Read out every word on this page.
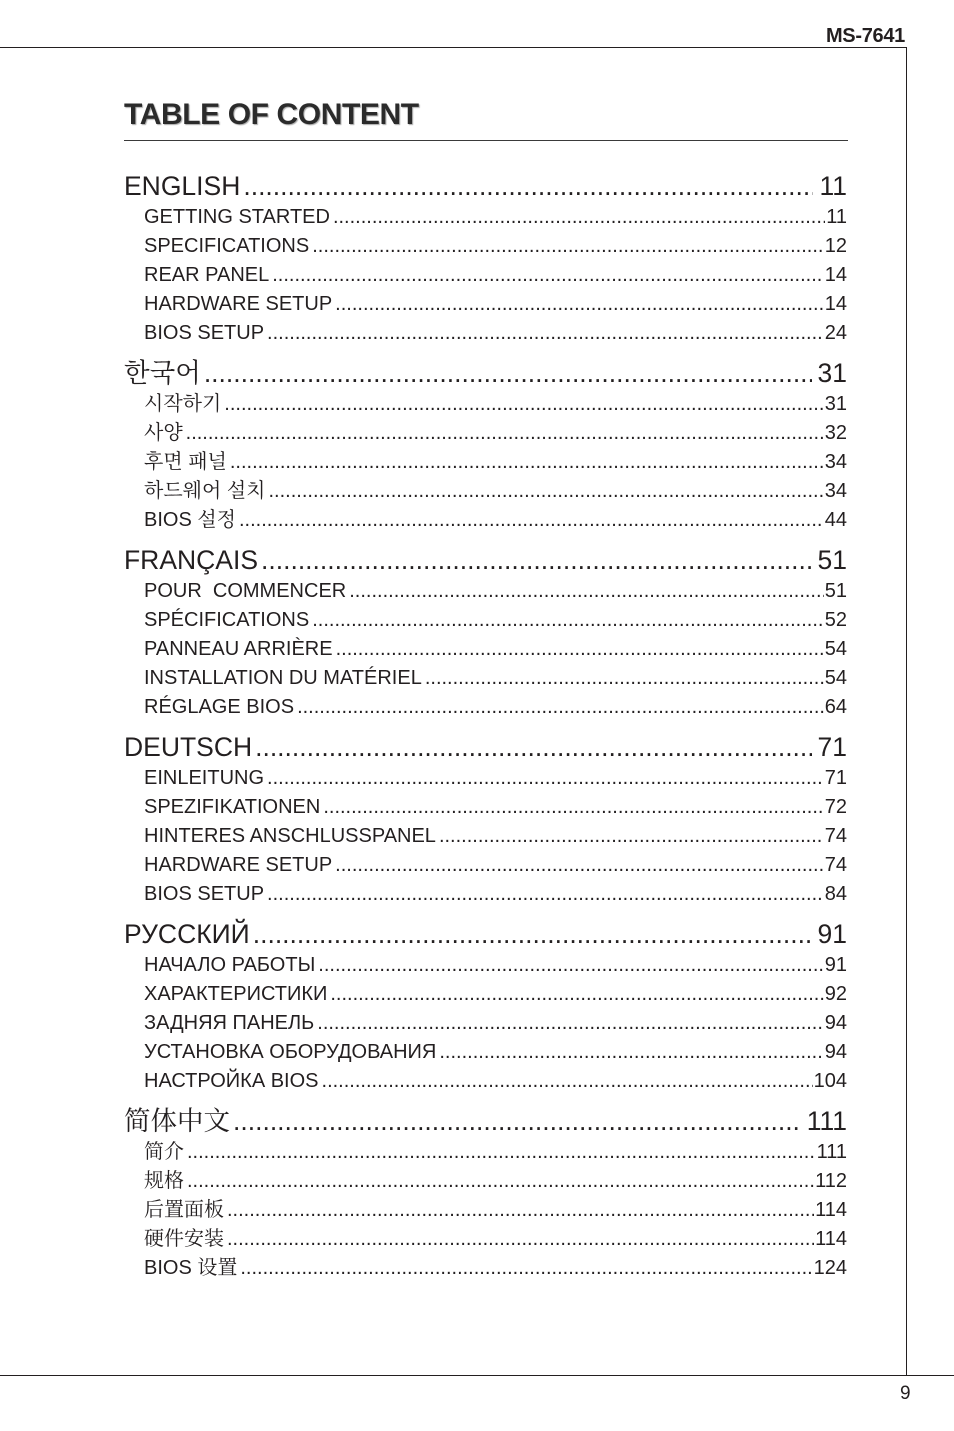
MS-7641
TABLE OF CONTENT
ENGLISH .....	11
GETTING STARTED .....	11
SPECIFICATIONS .....	12
REAR PANEL .....	14
HARDWARE SETUP .....	14
BIOS SETUP .....	24
한국어 .....	31
시작하기 .....	31
사양 .....	32
후면 패널 .....	34
하드웨어 설치 .....	34
BIOS 설정 .....	44
FRANÇAIS .....	51
POUR  COMMENCER .....	51
SPÉCIFICATIONS .....	52
PANNEAU ARRIÈRE .....	54
INSTALLATION DU MATÉRIEL .....	54
RÉGLAGE BIOS .....	64
DEUTSCH .....	71
EINLEITUNG .....	71
SPEZIFIKATIONEN .....	72
HINTERES ANSCHLUSSPANEL .....	74
HARDWARE SETUP .....	74
BIOS SETUP .....	84
РУССКИЙ .....	91
НАЧАЛО РАБОТЫ .....	91
ХАРАКТЕРИСТИКИ .....	92
ЗАДНЯЯ ПАНЕЛЬ .....	94
УСТАНОВКА ОБОРУДОВАНИЯ .....	94
НАСТРОЙКА BIOS .....	104
简体中文 .....	111
简介 .....	111
规格 .....	112
后置面板 .....	114
硬件安装 .....	114
BIOS 设置 .....	124
9
